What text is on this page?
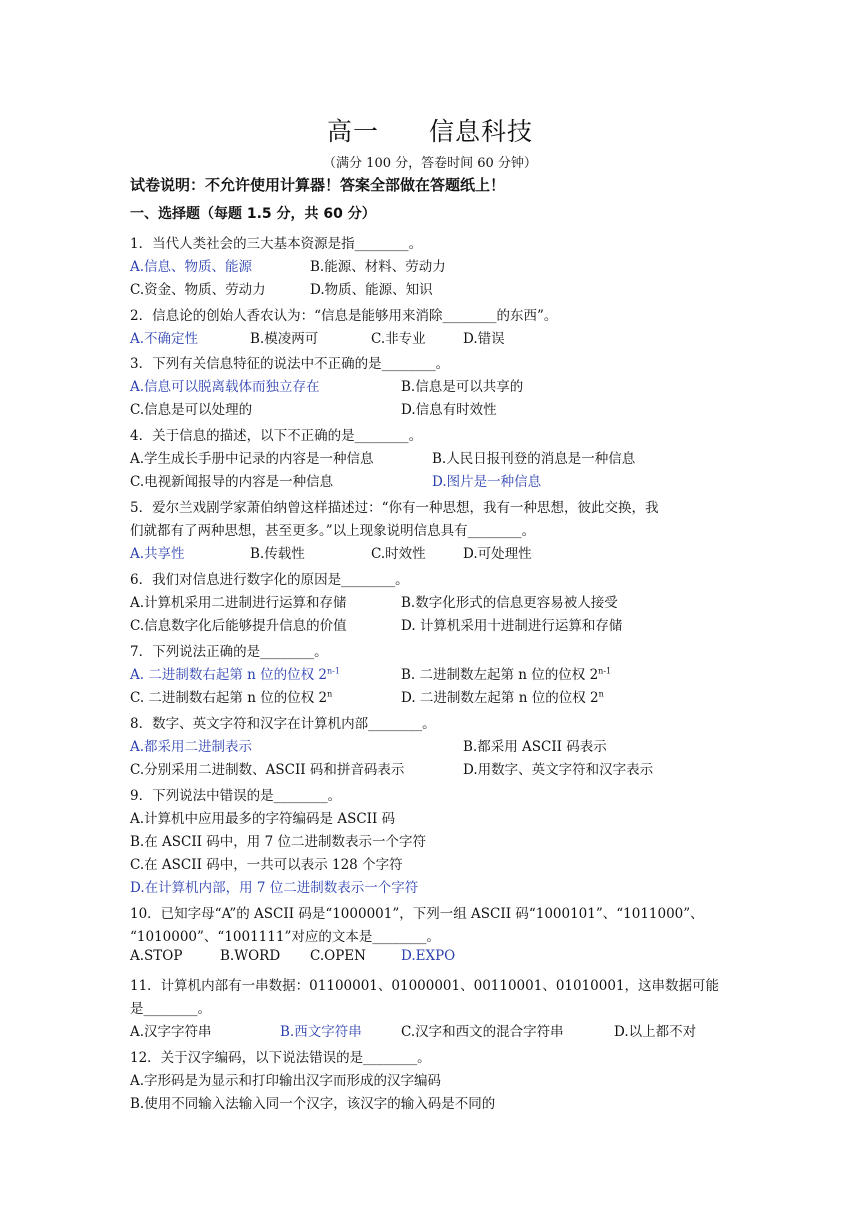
高一 信息科技
（满分 100 分，答卷时间 60 分钟）
试卷说明：不允许使用计算器！答案全部做在答题纸上！
一、选择题（每题 1.5 分，共 60 分）
1．当代人类社会的三大基本资源是指________。
A.信息、物质、能源	B.能源、材料、劳动力
C.资金、物质、劳动力	D.物质、能源、知识
2．信息论的创始人香农认为：“信息是能够用来消除________的东西”。
A.不确定性	B.模凌两可	C.非专业	D.错误
3．下列有关信息特征的说法中不正确的是________。
A.信息可以脱离载体而独立存在	B.信息是可以共享的
C.信息是可以处理的	D.信息有时效性
4．关于信息的描述，以下不正确的是________。
A.学生成长手册中记录的内容是一种信息	B.人民日报刊登的消息是一种信息
C.电视新闻报导的内容是一种信息	D.图片是一种信息
5．爱尔兰戏剧学家萧伯纳曾这样描述过：“你有一种思想，我有一种思想，彼此交换，我
们就都有了两种思想，甚至更多。”以上现象说明信息具有________。
A.共享性	B.传载性	C.时效性	D.可处理性
6．我们对信息进行数字化的原因是________。
A.计算机采用二进制进行运算和存储	B.数字化形式的信息更容易被人接受
C.信息数字化后能够提升信息的价值	D. 计算机采用十进制进行运算和存储
7．下列说法正确的是________。
A. 二进制数右起第 n 位的位权 2$^{n-1}$	B. 二进制数左起第 n 位的位权 2$^{n-1}$
C. 二进制数右起第 n 位的位权 2$^n$	D. 二进制数左起第 n 位的位权 2$^n$
8．数字、英文字符和汉字在计算机内部________。
A.都采用二进制表示	B.都采用 ASCII 码表示
C.分别采用二进制数、ASCII 码和拼音码表示	D.用数字、英文字符和汉字表示
9．下列说法中错误的是________。
A.计算机中应用最多的字符编码是 ASCII 码
B.在 ASCII 码中，用 7 位二进制数表示一个字符
C.在 ASCII 码中，一共可以表示 128 个字符
D.在计算机内部，用 7 位二进制数表示一个字符
10．已知字母“A”的 ASCII 码是“1000001”，下列一组 ASCII 码“1000101”、“1011000”、
“1010000”、“1001111”对应的文本是________。
A.STOP	B.WORD C.OPEN	D.EXPO
11．计算机内部有一串数据：01100001、01000001、00110001、01010001，这串数据可能
是________。
A.汉字字符串	B.西文字符串	C.汉字和西文的混合字符串	D.以上都不对
12．关于汉字编码，以下说法错误的是________。
A.字形码是为显示和打印输出汉字而形成的汉字编码
B.使用不同输入法输入同一个汉字，该汉字的输入码是不同的
